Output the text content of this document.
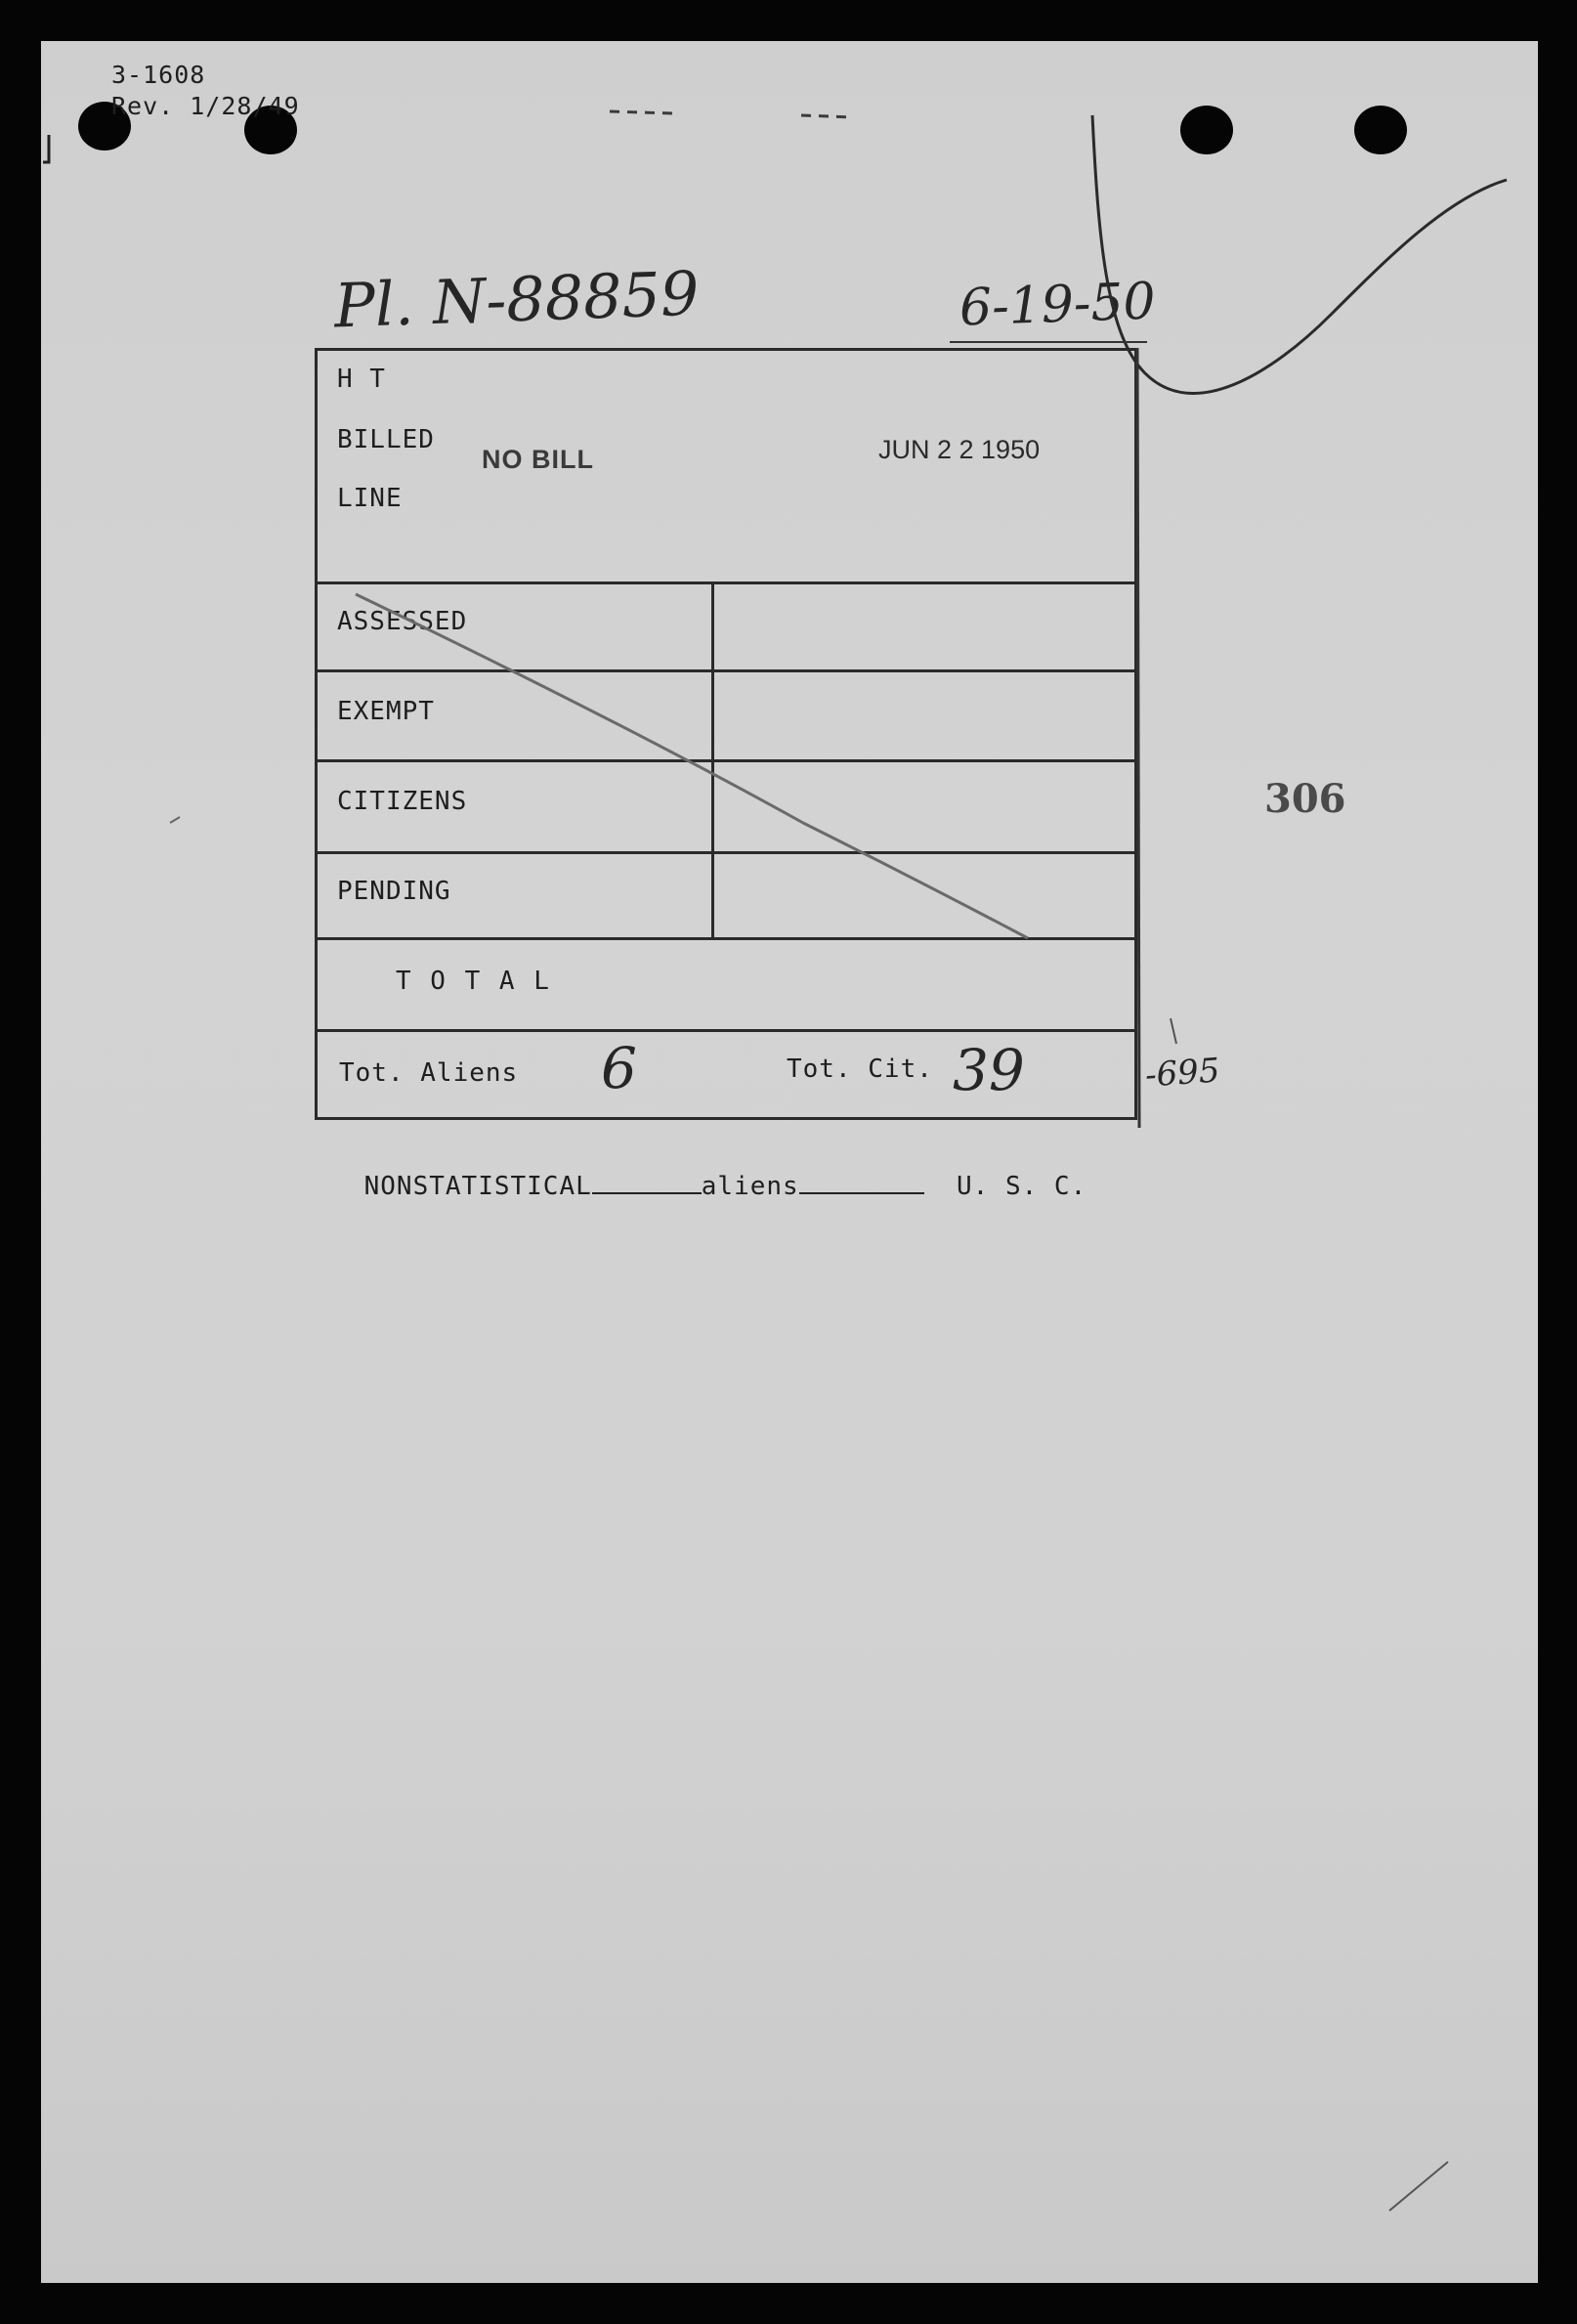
3-1608
Rev. 1/28/49
Pl. N-88859	6-19-50
H T
BILLED
LINE
NO BILL	JUN 2 2 1950
ASSESSED
EXEMPT
CITIZENS
PENDING
T O T A L
Tot. Aliens 6	Tot. Cit. 39
306
-695

NONSTATISTICAL	aliens	U. S. C.
